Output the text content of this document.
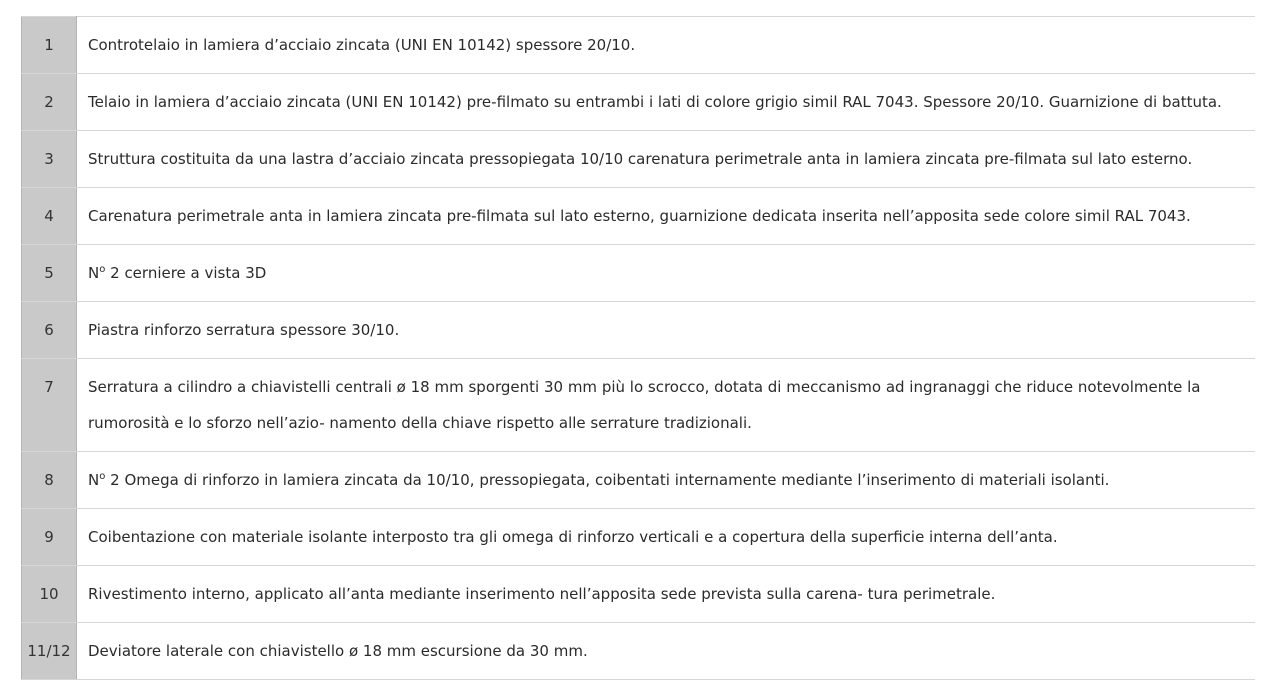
1	Controtelaio in lamiera d’acciaio zincata (UNI EN 10142) spessore 20/10.

2	Telaio in lamiera d’acciaio zincata (UNI EN 10142) pre-filmato su entrambi i lati di colore grigio simil RAL 7043. Spessore 20/10. Guarnizione di battuta.

3	Struttura costituita da una lastra d’acciaio zincata pressopiegata 10/10 carenatura perimetrale anta in lamiera zincata pre-filmata sul lato esterno.

4	Carenatura perimetrale anta in lamiera zincata pre-filmata sul lato esterno, guarnizione dedicata inserita nell’apposita sede colore simil RAL 7043.

5	$N^o$ 2 cerniere a vista 3D

6	Piastra rinforzo serratura spessore 30/10.

7	Serratura a cilindro a chiavistelli centrali ø 18 mm sporgenti 30 mm più lo scrocco, dotata di meccanismo ad ingranaggi che riduce notevolmente la rumorosità e lo sforzo nell’azio- namento della chiave rispetto alle serrature tradizionali.

8	$N^o$ 2 Omega di rinforzo in lamiera zincata da 10/10, pressopiegata, coibentati internamente mediante l’inserimento di materiali isolanti.

9	Coibentazione con materiale isolante interposto tra gli omega di rinforzo verticali e a copertura della superficie interna dell’anta.

10	Rivestimento interno, applicato all’anta mediante inserimento nell’apposita sede prevista sulla carena- tura perimetrale.

11/12	Deviatore laterale con chiavistello ø 18 mm escursione da 30 mm.
